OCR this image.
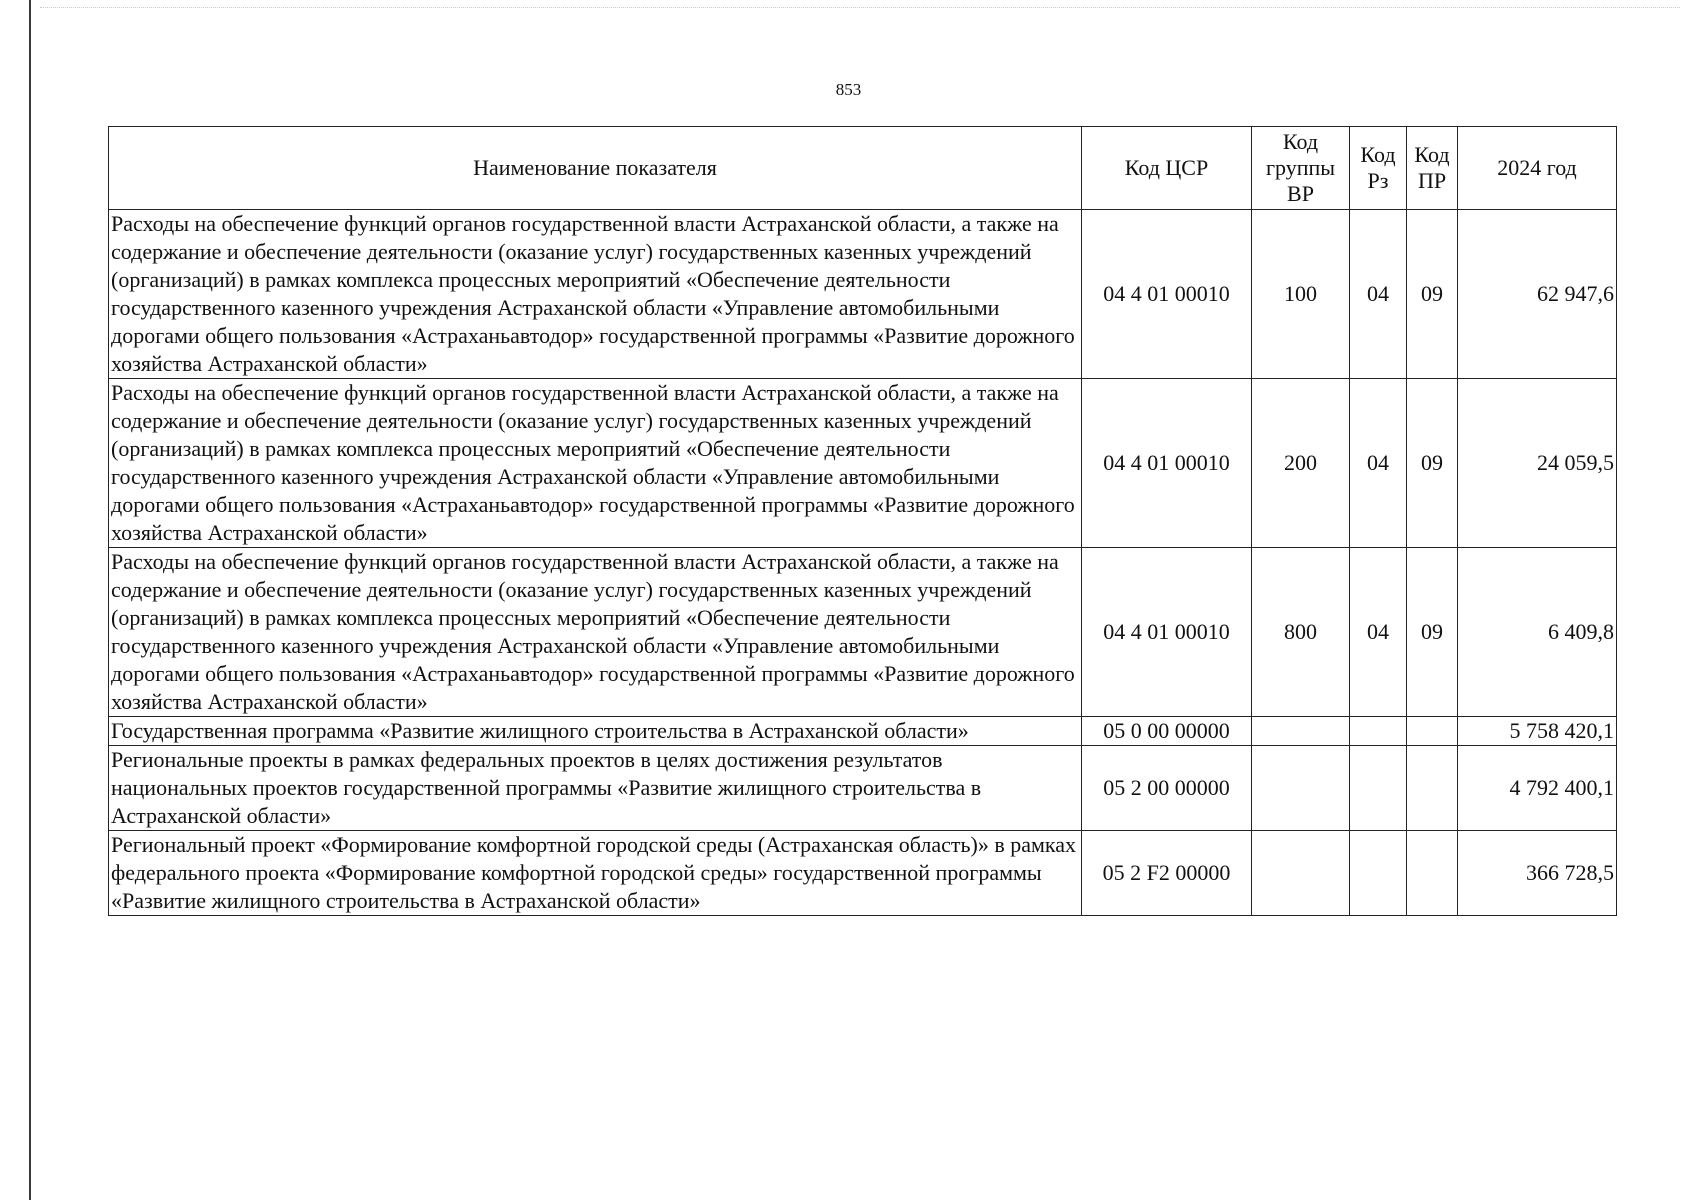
853
Наименование показателя	Код ЦСР	Код группы ВР	Код Рз	Код ПР	2024 год
Расходы на обеспечение функций органов государственной власти Астраханской области, а также на содержание и обеспечение деятельности (оказание услуг) государственных казенных учреждений (организаций) в рамках комплекса процессных мероприятий «Обеспечение деятельности государственного казенного учреждения Астраханской области «Управление автомобильными дорогами общего пользования «Астраханьавтодор» государственной программы «Развитие дорожного хозяйства Астраханской области»	04 4 01 00010	100	04	09	62 947,6
Расходы на обеспечение функций органов государственной власти Астраханской области, а также на содержание и обеспечение деятельности (оказание услуг) государственных казенных учреждений (организаций) в рамках комплекса процессных мероприятий «Обеспечение деятельности государственного казенного учреждения Астраханской области «Управление автомобильными дорогами общего пользования «Астраханьавтодор» государственной программы «Развитие дорожного хозяйства Астраханской области»	04 4 01 00010	200	04	09	24 059,5
Расходы на обеспечение функций органов государственной власти Астраханской области, а также на содержание и обеспечение деятельности (оказание услуг) государственных казенных учреждений (организаций) в рамках комплекса процессных мероприятий «Обеспечение деятельности государственного казенного учреждения Астраханской области «Управление автомобильными дорогами общего пользования «Астраханьавтодор» государственной программы «Развитие дорожного хозяйства Астраханской области»	04 4 01 00010	800	04	09	6 409,8
Государственная программа «Развитие жилищного строительства в Астраханской области»	05 0 00 00000				5 758 420,1
Региональные проекты в рамках федеральных проектов в целях достижения результатов национальных проектов государственной программы «Развитие жилищного строительства в Астраханской области»	05 2 00 00000				4 792 400,1
Региональный проект «Формирование комфортной городской среды (Астраханская область)» в рамках федерального проекта «Формирование комфортной городской среды» государственной программы «Развитие жилищного строительства в Астраханской области»	05 2 F2 00000				366 728,5
